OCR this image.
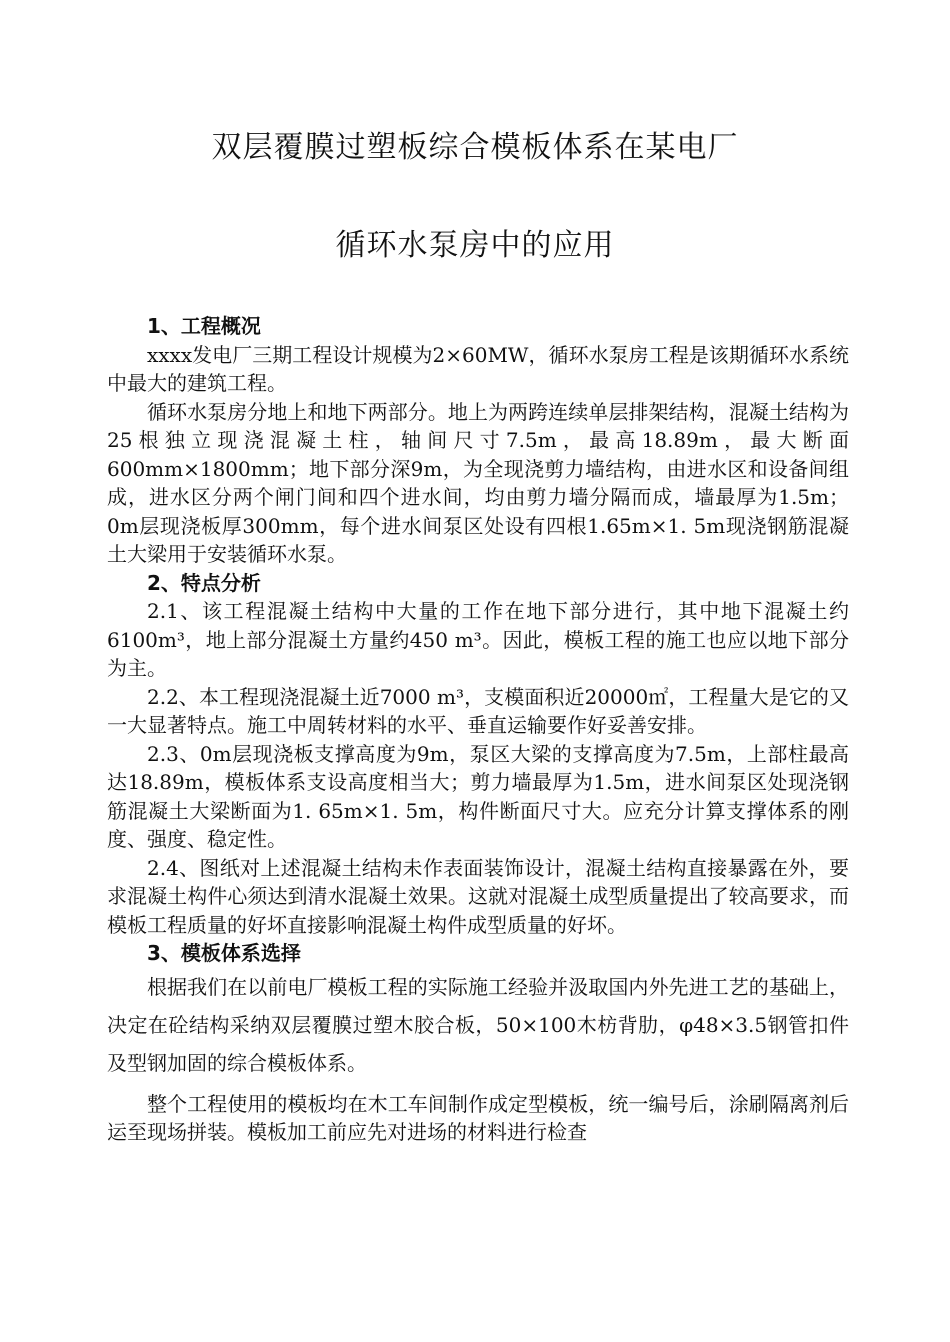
双层覆膜过塑板综合模板体系在某电厂
循环水泵房中的应用

1、工程概况

xxxx发电厂三期工程设计规模为2×60MW，循环水泵房工程是该期循环水系统中最大的建筑工程。

循环水泵房分地上和地下两部分。地上为两跨连续单层排架结构，混凝土结构为25根独立现浇混凝土柱，轴间尺寸7.5m，最高18.89m，最大断面600mm×1800mm；地下部分深9m，为全现浇剪力墙结构，由进水区和设备间组成，进水区分两个闸门间和四个进水间，均由剪力墙分隔而成，墙最厚为1.5m；0m层现浇板厚300mm，每个进水间泵区处设有四根1.65m×1. 5m现浇钢筋混凝土大梁用于安装循环水泵。

2、特点分析

2.1、该工程混凝土结构中大量的工作在地下部分进行，其中地下混凝土约6100m³，地上部分混凝土方量约450 m³。因此，模板工程的施工也应以地下部分为主。

2.2、本工程现浇混凝土近7000 m³，支模面积近20000㎡，工程量大是它的又一大显著特点。施工中周转材料的水平、垂直运输要作好妥善安排。

2.3、0m层现浇板支撑高度为9m，泵区大梁的支撑高度为7.5m，上部柱最高达18.89m，模板体系支设高度相当大；剪力墙最厚为1.5m，进水间泵区处现浇钢筋混凝土大梁断面为1. 65m×1. 5m，构件断面尺寸大。应充分计算支撑体系的刚度、强度、稳定性。

2.4、图纸对上述混凝土结构未作表面装饰设计，混凝土结构直接暴露在外，要求混凝土构件心须达到清水混凝土效果。这就对混凝土成型质量提出了较高要求，而模板工程质量的好坏直接影响混凝土构件成型质量的好坏。

3、模板体系选择

根据我们在以前电厂模板工程的实际施工经验并汲取国内外先进工艺的基础上，决定在砼结构采纳双层覆膜过塑木胶合板，50×100木枋背肋，φ48×3.5钢管扣件及型钢加固的综合模板体系。

整个工程使用的模板均在木工车间制作成定型模板，统一编号后，涂刷隔离剂后运至现场拼装。模板加工前应先对进场的材料进行检查
